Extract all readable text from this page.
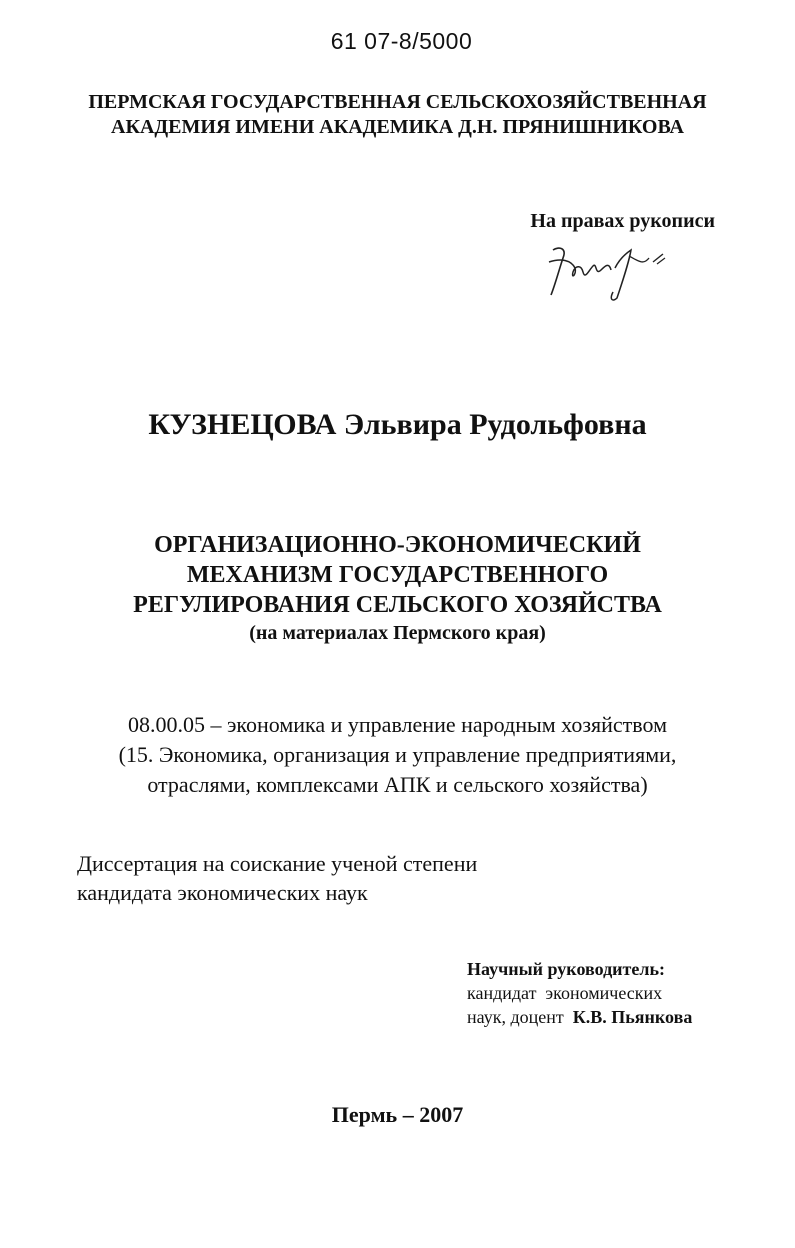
61 07-8/5000
ПЕРМСКАЯ ГОСУДАРСТВЕННАЯ СЕЛЬСКОХОЗЯЙСТВЕННАЯ
АКАДЕМИЯ ИМЕНИ АКАДЕМИКА Д.Н. ПРЯНИШНИКОВА
На правах рукописи
КУЗНЕЦОВА Эльвира Рудольфовна
ОРГАНИЗАЦИОННО-ЭКОНОМИЧЕСКИЙ
МЕХАНИЗМ ГОСУДАРСТВЕННОГО
РЕГУЛИРОВАНИЯ СЕЛЬСКОГО ХОЗЯЙСТВА
(на материалах Пермского края)
08.00.05 – экономика и управление народным хозяйством
(15. Экономика, организация и управление предприятиями,
отраслями, комплексами АПК и сельского хозяйства)
Диссертация на соискание ученой степени
кандидата экономических наук
Научный руководитель:
кандидат  экономических
наук, доцент К.В. Пьянкова
Пермь – 2007
